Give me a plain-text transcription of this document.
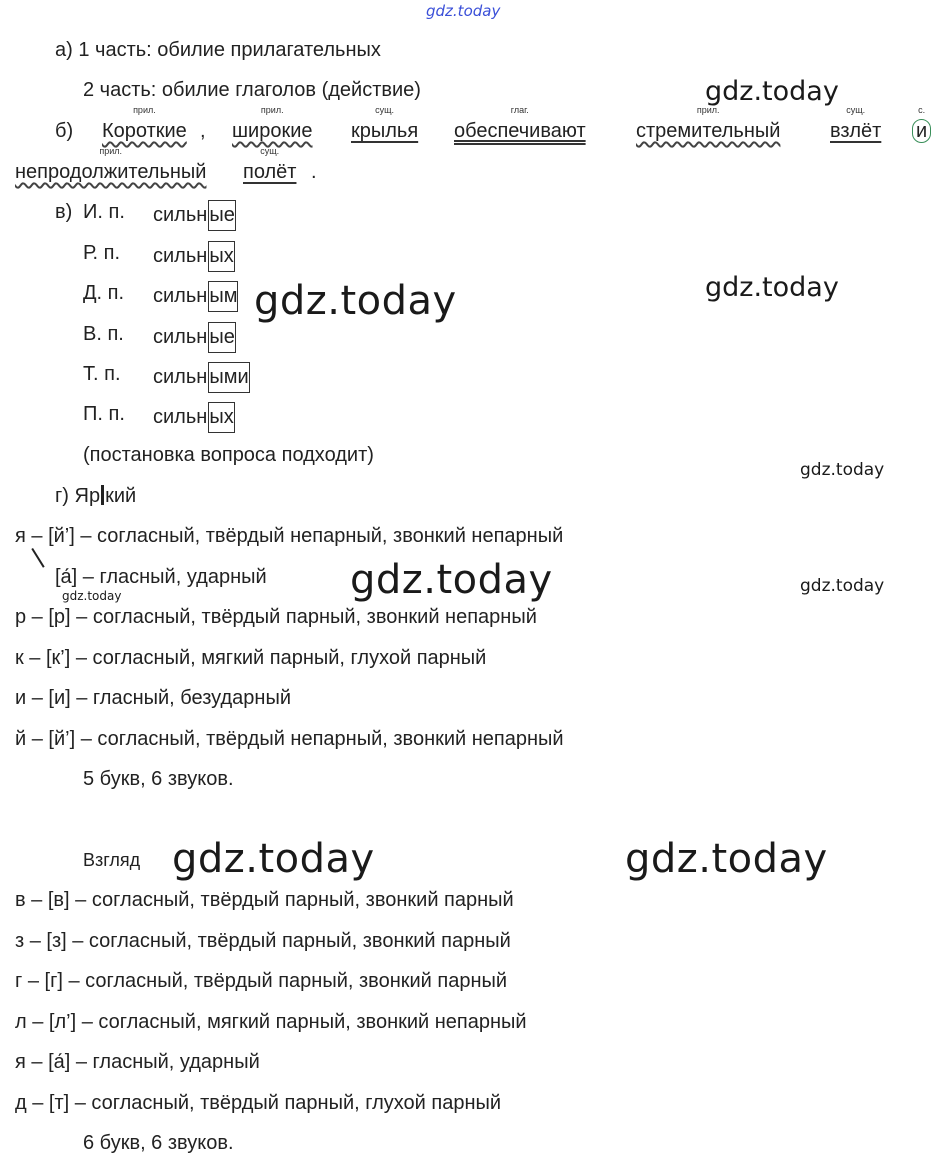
gdz.today
gdz.today
gdz.today	gdz.today
gdz.today
gdz.today	gdz.today
gdz.today
gdz.today	gdz.today
а) 1 часть: обилие прилагательных
2 часть: обилие глаголов (действие)
б)
прил.
Короткие ,
прил.
широкие
сущ.
крылья
глаг.
обеспечивают
прил.
стремительный
сущ.
взлёт
с.
и
прил.
непродолжительный
сущ.
полёт .
в) И. п. сильн ые
Р. п. сильн ых
Д. п. сильн ым
В. п. сильн ые
Т. п. сильн ыми
П. п. сильн ых
(постановка вопроса подходит)
г) Яр кий
я – [й’] – согласный, твёрдый непарный, звонкий непарный
[а́] – гласный, ударный
р – [р] – согласный, твёрдый парный, звонкий непарный
к – [к’] – согласный, мягкий парный, глухой парный
и – [и] – гласный, безударный
й – [й’] – согласный, твёрдый непарный, звонкий непарный
5 букв, 6 звуков.
Взгляд
в – [в] – согласный, твёрдый парный, звонкий парный
з – [з] – согласный, твёрдый парный, звонкий парный
г – [г] – согласный, твёрдый парный, звонкий парный
л – [л’] – согласный, мягкий парный, звонкий непарный
я – [а́] – гласный, ударный
д – [т] – согласный, твёрдый парный, глухой парный
6 букв, 6 звуков.
